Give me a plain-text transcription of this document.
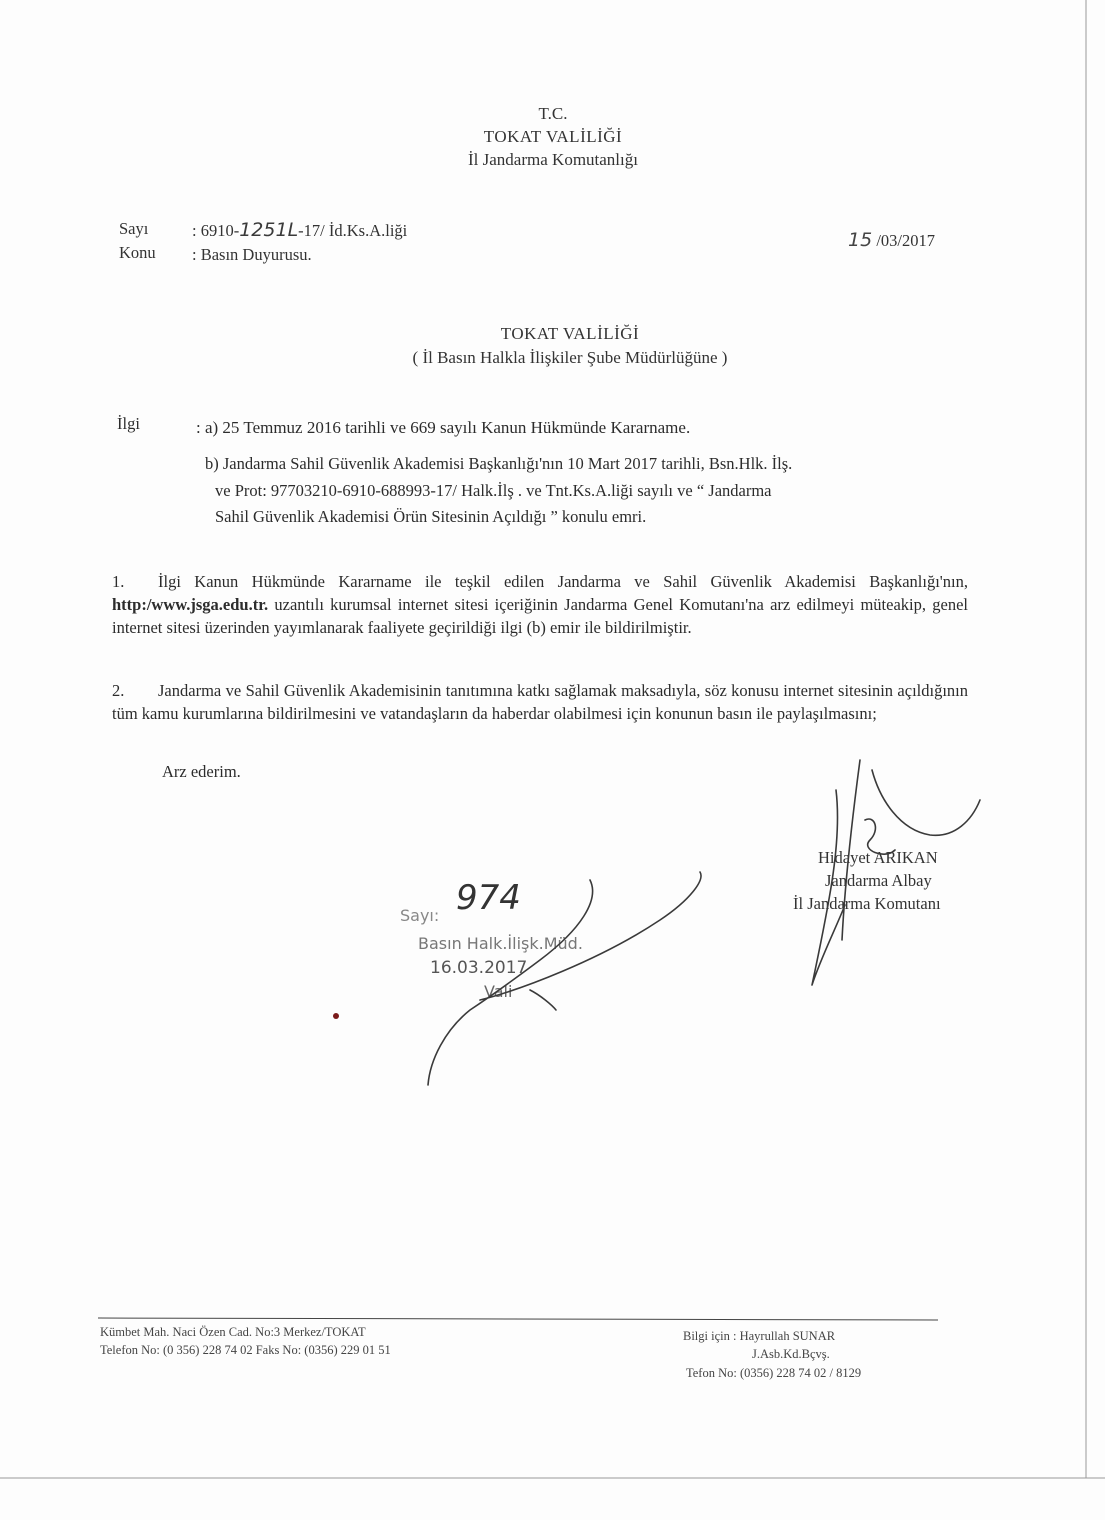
T.C.
TOKAT VALİLİĞİ
İl Jandarma Komutanlığı
Sayı	: 6910-1251L-17/ İd.Ks.A.liği
Konu : Basın Duyurusu.
15 /03/2017
TOKAT VALİLİĞİ
( İl Basın Halkla İlişkiler Şube Müdürlüğüne )
İlgi	: a) 25 Temmuz 2016 tarihli ve 669 sayılı Kanun Hükmünde Kararname.
b) Jandarma Sahil Güvenlik Akademisi Başkanlığı'nın 10 Mart 2017 tarihli, Bsn.Hlk. İlş.
ve Prot: 97703210-6910-688993-17/ Halk.İlş . ve Tnt.Ks.A.liği sayılı ve “ Jandarma
Sahil Güvenlik Akademisi Örün Sitesinin Açıldığı ” konulu emri.
1. İlgi Kanun Hükmünde Kararname ile teşkil edilen Jandarma ve Sahil Güvenlik Akademisi Başkanlığı'nın, http:/www.jsga.edu.tr. uzantılı kurumsal internet sitesi içeriğinin Jandarma Genel Komutanı'na arz edilmeyi müteakip, genel internet sitesi üzerinden yayımlanarak faaliyete geçirildiği ilgi (b) emir ile bildirilmiştir.
2. Jandarma ve Sahil Güvenlik Akademisinin tanıtımına katkı sağlamak maksadıyla, söz konusu internet sitesinin açıldığının tüm kamu kurumlarına bildirilmesini ve vatandaşların da haberdar olabilmesi için konunun basın ile paylaşılmasını;
Arz ederim.
Hidayet ARIKAN
Jandarma Albay
İl Jandarma Komutanı
Sayı: 974
Basın Halk.İlişk.Müd.
16.03.2017
Vali
Kümbet Mah. Naci Özen Cad. No:3 Merkez/TOKAT
Telefon No: (0 356) 228 74 02 Faks No: (0356) 229 01 51
Bilgi için : Hayrullah SUNAR
J.Asb.Kd.Bçvş.
Tefon No: (0356) 228 74 02 / 8129
